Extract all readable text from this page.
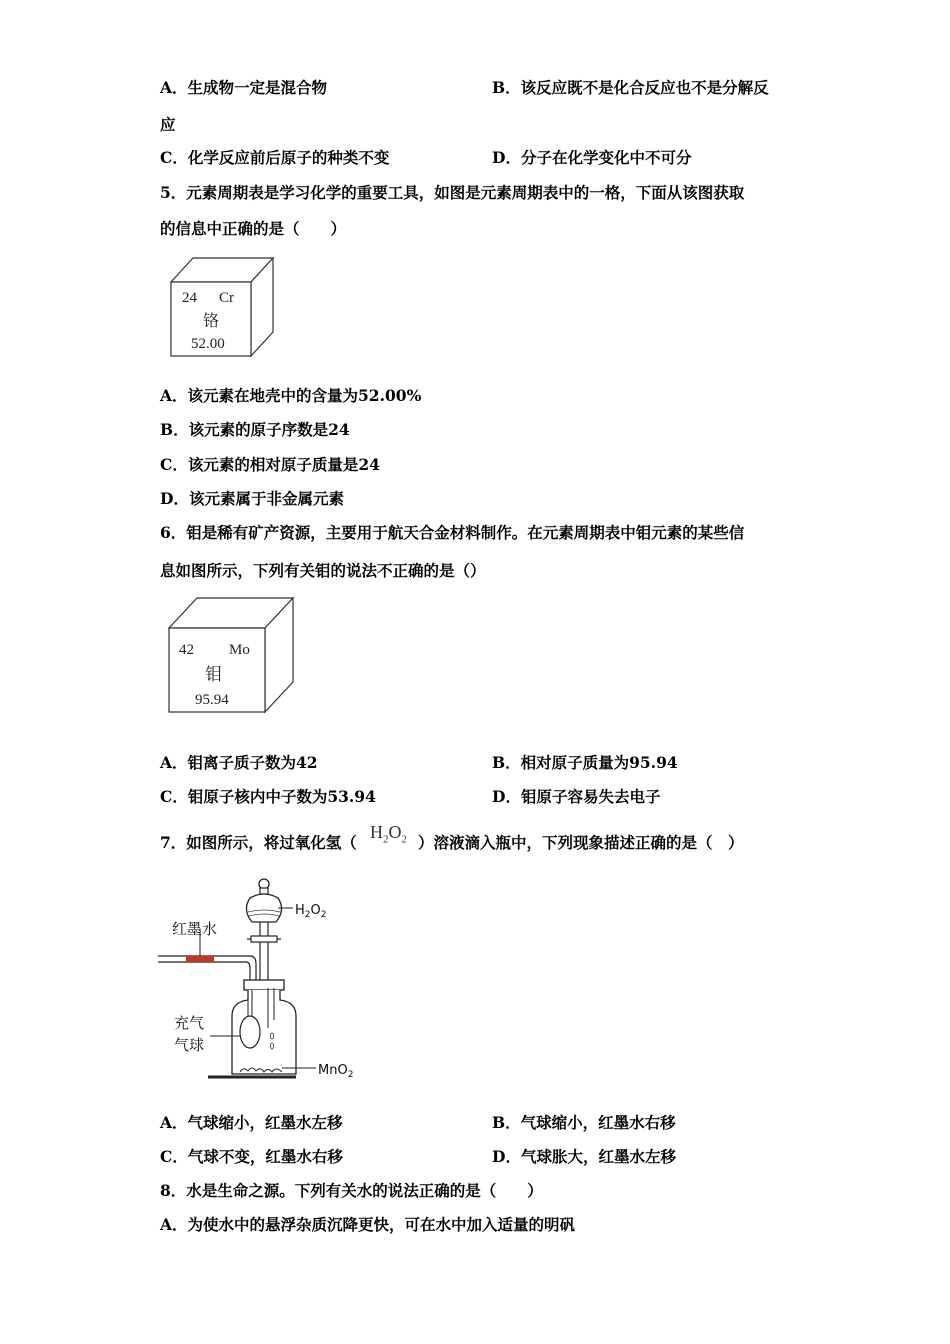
A．生成物一定是混合物	B．该反应既不是化合反应也不是分解反
应
C．化学反应前后原子的种类不变	D．分子在化学变化中不可分
5．元素周期表是学习化学的重要工具，如图是元素周期表中的一格，下面从该图获取
的信息中正确的是（　　）
24 Cr
铬
52.00
A．该元素在地壳中的含量为52.00%
B．该元素的原子序数是24
C．该元素的相对原子质量是24
D．该元素属于非金属元素
6．钼是稀有矿产资源，主要用于航天合金材料制作。在元素周期表中钼元素的某些信
息如图所示，下列有关钼的说法不正确的是（）
42 Mo
钼
95.94
A．钼离子质子数为42	B．相对原子质量为95.94
C．钼原子核内中子数为53.94	D．钼原子容易失去电子
7．如图所示，将过氧化氢（
$H_2O_2$ ）溶液滴入瓶中，下列现象描述正确的是（　）
$H_2O_2$
红墨水
充气
气球
MnO$_2$
A．气球缩小，红墨水左移	B．气球缩小，红墨水右移
C．气球不变，红墨水右移	D．气球胀大，红墨水左移
8．水是生命之源。下列有关水的说法正确的是（　　）
A．为使水中的悬浮杂质沉降更快，可在水中加入适量的明矾
